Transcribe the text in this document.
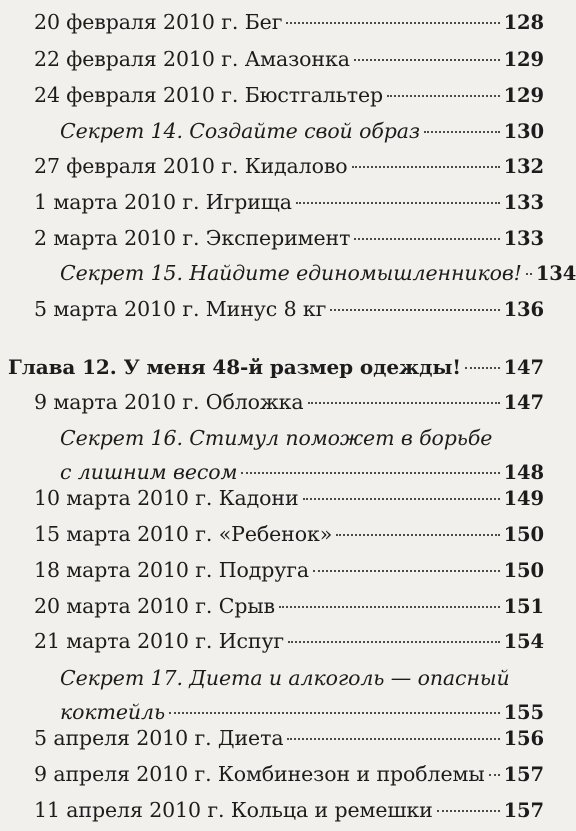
20 февраля 2010 г. Бег	128
22 февраля 2010 г. Амазонка	129
24 февраля 2010 г. Бюстгальтер	129
Секрет 14. Создайте свой образ	130
27 февраля 2010 г. Кидалово	132
1 марта 2010 г. Игрища	133
2 марта 2010 г. Эксперимент	133
Секрет 15. Найдите единомышленников! 134
5 марта 2010 г. Минус 8 кг	136
Глава 12. У меня 48-й размер одежды! 147
9 марта 2010 г. Обложка	147
Секрет 16. Стимул поможет в борьбе
с лишним весом	148
10 марта 2010 г. Кадони	149
15 марта 2010 г. «Ребенок»	150
18 марта 2010 г. Подруга	150
20 марта 2010 г. Срыв	151
21 марта 2010 г. Испуг	154
Секрет 17. Диета и алкоголь — опасный
коктейль	155
5 апреля 2010 г. Диета	156
9 апреля 2010 г. Комбинезон и проблемы 157
11 апреля 2010 г. Кольца и ремешки	157
